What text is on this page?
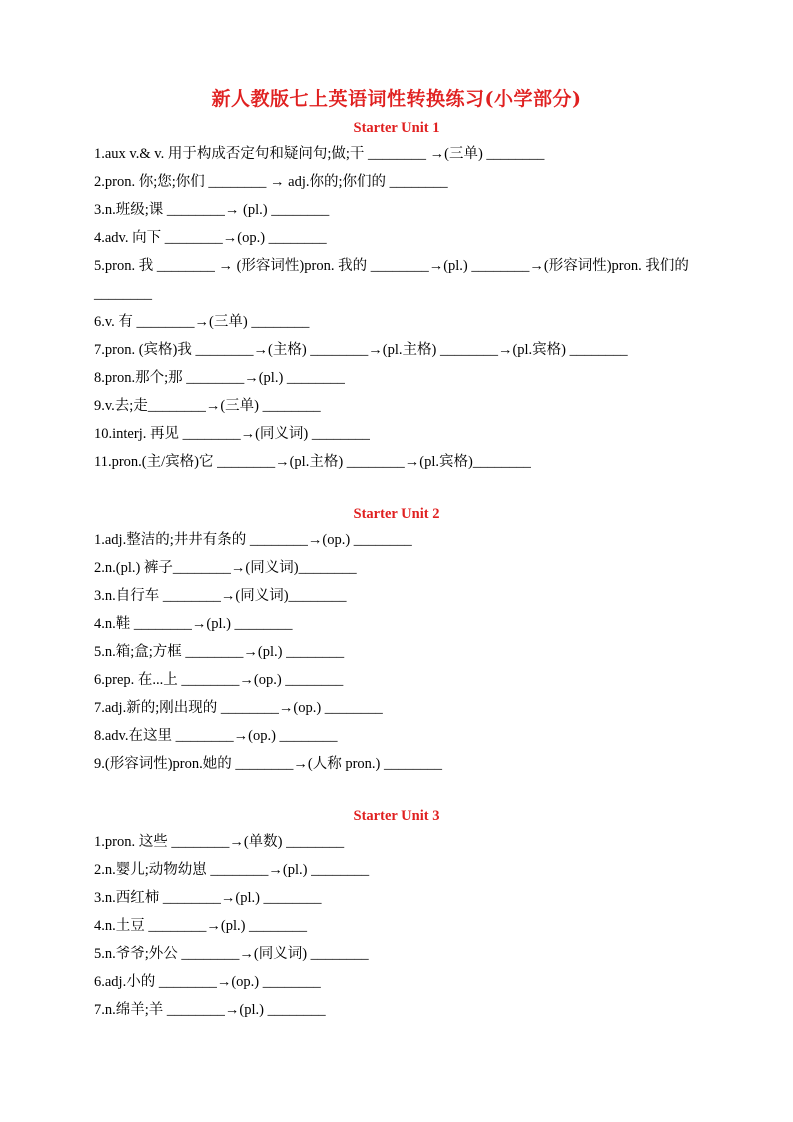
新人教版七上英语词性转换练习(小学部分)
Starter Unit 1
1.aux v.& v. 用于构成否定句和疑问句;做;干 ________ →(三单) ________
2.pron. 你;您;你们 ________ → adj.你的;你们的 ________
3.n.班级;课 ________→ (pl.) ________
4.adv. 向下 ________→(op.) ________
5.pron. 我 ________ → (形容词性)pron. 我的 ________→(pl.) ________→(形容词性)pron. 我们的 ________
6.v. 有 ________→(三单) ________
7.pron. (宾格)我 ________→(主格) ________→(pl.主格) ________→(pl.宾格) ________
8.pron.那个;那 ________→(pl.) ________
9.v.去;走________→(三单) ________
10.interj. 再见 ________→(同义词) ________
11.pron.(主/宾格)它 ________→(pl.主格) ________→(pl.宾格)________
Starter Unit 2
1.adj.整洁的;井井有条的 ________→(op.) ________
2.n.(pl.) 裤子________→(同义词)________
3.n.自行车 ________→(同义词)________
4.n.鞋 ________→(pl.) ________
5.n.箱;盒;方框 ________→(pl.) ________
6.prep. 在...上 ________→(op.) ________
7.adj.新的;刚出现的 ________→(op.) ________
8.adv.在这里 ________→(op.) ________
9.(形容词性)pron.她的 ________→(人称 pron.) ________
Starter Unit 3
1.pron. 这些 ________→(单数) ________
2.n.婴儿;动物幼崽 ________→(pl.) ________
3.n.西红柿 ________→(pl.) ________
4.n.土豆 ________→(pl.) ________
5.n.爷爷;外公 ________→(同义词) ________
6.adj.小的 ________→(op.) ________
7.n.绵羊;羊 ________→(pl.) ________
